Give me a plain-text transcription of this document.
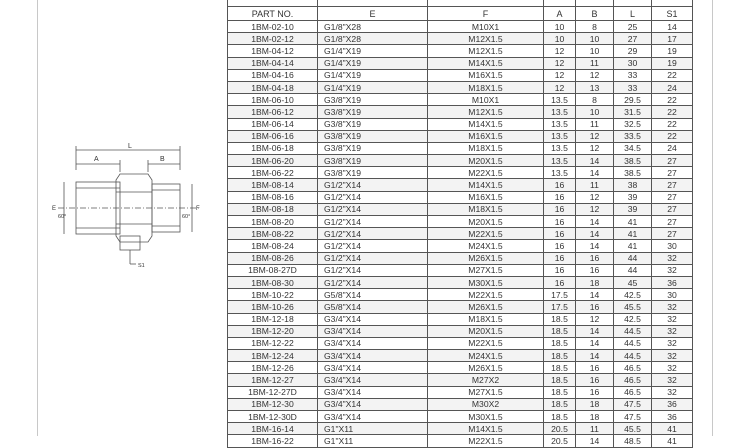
L
A	B
E
60°
F
60°
S1

PART NO.	E	F	A	B	L	S1
1BM-02-10	G1/8"X28	M10X1	10	8	25	14
1BM-02-12	G1/8"X28	M12X1.5	10	10	27	17
1BM-04-12	G1/4"X19	M12X1.5	12	10	29	19
1BM-04-14	G1/4"X19	M14X1.5	12	11	30	19
1BM-04-16	G1/4"X19	M16X1.5	12	12	33	22
1BM-04-18	G1/4"X19	M18X1.5	12	13	33	24
1BM-06-10	G3/8"X19	M10X1	13.5	8	29.5	22
1BM-06-12	G3/8"X19	M12X1.5	13.5	10	31.5	22
1BM-06-14	G3/8"X19	M14X1.5	13.5	11	32.5	22
1BM-06-16	G3/8"X19	M16X1.5	13.5	12	33.5	22
1BM-06-18	G3/8"X19	M18X1.5	13.5	12	34.5	24
1BM-06-20	G3/8"X19	M20X1.5	13.5	14	38.5	27
1BM-06-22	G3/8"X19	M22X1.5	13.5	14	38.5	27
1BM-08-14	G1/2"X14	M14X1.5	16	11	38	27
1BM-08-16	G1/2"X14	M16X1.5	16	12	39	27
1BM-08-18	G1/2"X14	M18X1.5	16	12	39	27
1BM-08-20	G1/2"X14	M20X1.5	16	14	41	27
1BM-08-22	G1/2"X14	M22X1.5	16	14	41	27
1BM-08-24	G1/2"X14	M24X1.5	16	14	41	30
1BM-08-26	G1/2"X14	M26X1.5	16	16	44	32
1BM-08-27D	G1/2"X14	M27X1.5	16	16	44	32
1BM-08-30	G1/2"X14	M30X1.5	16	18	45	36
1BM-10-22	G5/8"X14	M22X1.5	17.5	14	42.5	30
1BM-10-26	G5/8"X14	M26X1.5	17.5	16	45.5	32
1BM-12-18	G3/4"X14	M18X1.5	18.5	12	42.5	32
1BM-12-20	G3/4"X14	M20X1.5	18.5	14	44.5	32
1BM-12-22	G3/4"X14	M22X1.5	18.5	14	44.5	32
1BM-12-24	G3/4"X14	M24X1.5	18.5	14	44.5	32
1BM-12-26	G3/4"X14	M26X1.5	18.5	16	46.5	32
1BM-12-27	G3/4"X14	M27X2	18.5	16	46.5	32
1BM-12-27D	G3/4"X14	M27X1.5	18.5	16	46.5	32
1BM-12-30	G3/4"X14	M30X2	18.5	18	47.5	36
1BM-12-30D	G3/4"X14	M30X1.5	18.5	18	47.5	36
1BM-16-14	G1"X11	M14X1.5	20.5	11	45.5	41
1BM-16-22	G1"X11	M22X1.5	20.5	14	48.5	41
